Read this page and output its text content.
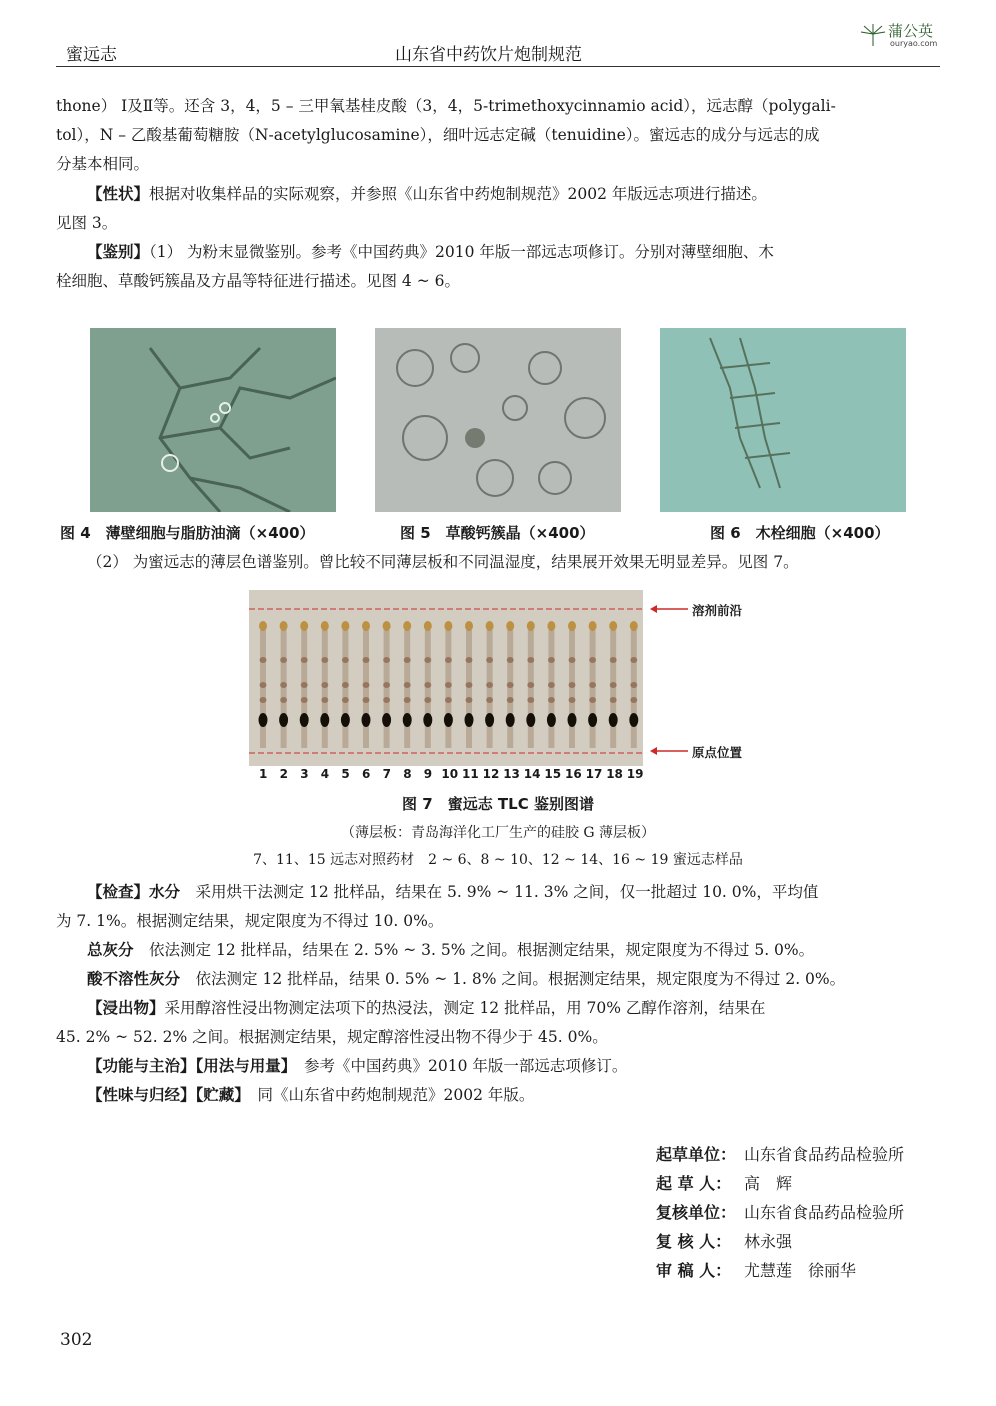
蜜远志	山东省中药饮片炮制规范
蒲公英
ouryao.com
thone） Ⅰ及Ⅱ等。还含 3，4，5 – 三甲氧基桂皮酸（3，4，5-trimethoxycinnamio acid），远志醇（polygali-
tol），N – 乙酸基葡萄糖胺（N-acetylglucosamine），细叶远志定碱（tenuidine）。蜜远志的成分与远志的成
分基本相同。
【性状】根据对收集样品的实际观察，并参照《山东省中药炮制规范》2002 年版远志项进行描述。
见图 3。
【鉴别】（1） 为粉末显微鉴别。参考《中国药典》2010 年版一部远志项修订。分别对薄壁细胞、木
栓细胞、草酸钙簇晶及方晶等特征进行描述。见图 4 ~ 6。
图 4　薄壁细胞与脂肪油滴（×400）	图 5　草酸钙簇晶（×400）	图 6　木栓细胞（×400）
（2） 为蜜远志的薄层色谱鉴别。曾比较不同薄层板和不同温湿度，结果展开效果无明显差异。见图 7。
溶剂前沿
原点位置
1 2 3 4 5 6 7 8 9 10 11 12 13 14 15 16 17 18 19
图 7　蜜远志 TLC 鉴别图谱
（薄层板：青岛海洋化工厂生产的硅胶 G 薄层板）
7、11、15 远志对照药材　2 ~ 6、8 ~ 10、12 ~ 14、16 ~ 19 蜜远志样品
【检查】水分　 采用烘干法测定 12 批样品，结果在 5. 9% ~ 11. 3% 之间，仅一批超过 10. 0%，平均值
为 7. 1%。根据测定结果，规定限度为不得过 10. 0%。
总灰分　 依法测定 12 批样品，结果在 2. 5% ~ 3. 5% 之间。根据测定结果，规定限度为不得过 5. 0%。
酸不溶性灰分　 依法测定 12 批样品，结果 0. 5% ~ 1. 8% 之间。根据测定结果，规定限度为不得过 2. 0%。
【浸出物】采用醇溶性浸出物测定法项下的热浸法，测定 12 批样品，用 70% 乙醇作溶剂，结果在
45. 2% ~ 52. 2% 之间。根据测定结果，规定醇溶性浸出物不得少于 45. 0%。
【功能与主治】【用法与用量】　 参考《中国药典》2010 年版一部远志项修订。
【性味与归经】【贮藏】　 同《山东省中药炮制规范》2002 年版。
起草单位： 山东省食品药品检验所
起 草 人： 高　辉
复核单位： 山东省食品药品检验所
复 核 人： 林永强
审 稿 人： 尤慧莲　徐丽华
302
